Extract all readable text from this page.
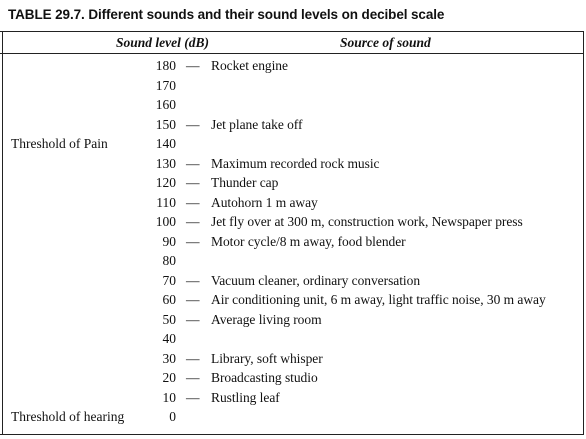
TABLE 29.7. Different sounds and their sound levels on decibel scale
Sound level (dB)	Source of sound
180 — Rocket engine
170
160
150 — Jet plane take off
Threshold of Pain	140
130 — Maximum recorded rock music
120 — Thunder cap
110 — Autohorn 1 m away
100 — Jet fly over at 300 m, construction work, Newspaper press
90 — Motor cycle/8 m away, food blender
80
70 — Vacuum cleaner, ordinary conversation
60 — Air conditioning unit, 6 m away, light traffic noise, 30 m away
50 — Average living room
40
30 — Library, soft whisper
20 — Broadcasting studio
10 — Rustling leaf
Threshold of hearing	0
